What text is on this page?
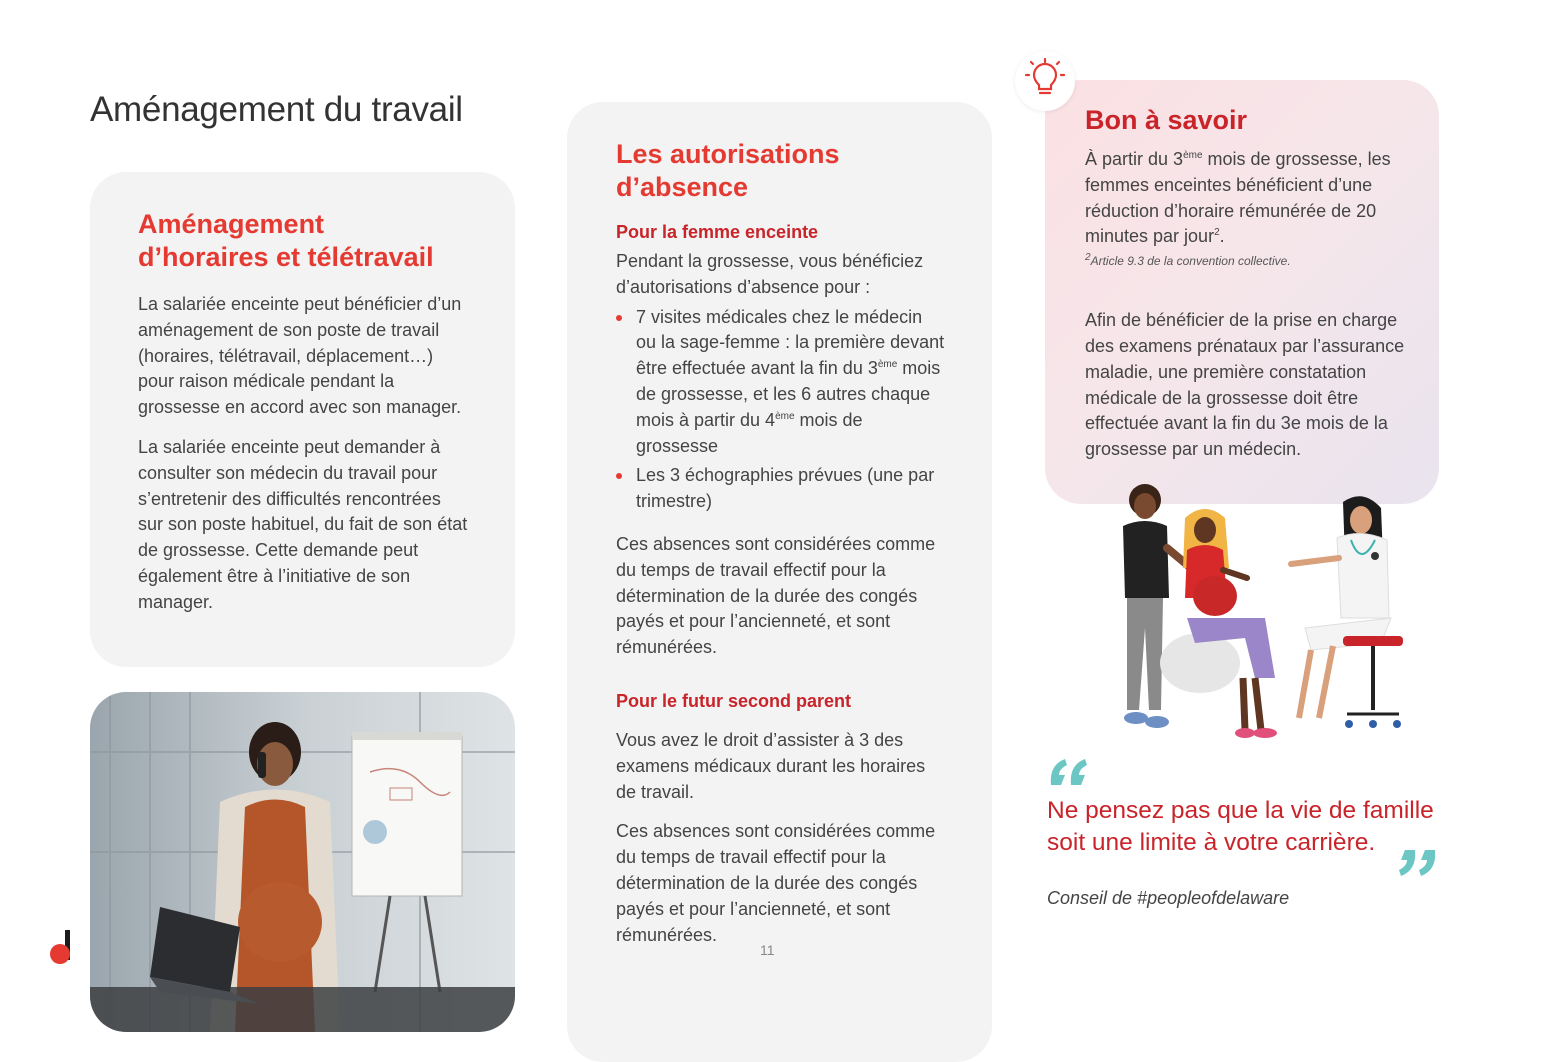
Aménagement du travail
Aménagement d’horaires et télétravail

La salariée enceinte peut bénéficier d’un aménagement de son poste de travail (horaires, télétravail, déplacement…) pour raison médicale pendant la grossesse en accord avec son manager.

La salariée enceinte peut demander à consulter son médecin du travail pour s’entretenir des difficultés rencontrées sur son poste habituel, du fait de son état de grossesse. Cette demande peut également être à l’initiative de son manager.

Les autorisations d’absence
Pour la femme enceinte

Pendant la grossesse, vous bénéficiez d’autorisations d’absence pour :

7 visites médicales chez le médecin ou la sage-femme : la première devant être effectuée avant la fin du 3ème mois de grossesse, et les 6 autres chaque mois à partir du 4ème mois de grossesse
Les 3 échographies prévues (une par trimestre)

Ces absences sont considérées comme du temps de travail effectif pour la détermination de la durée des congés payés et pour l’ancienneté, et sont rémunérées.

Pour le futur second parent

Vous avez le droit d’assister à 3 des examens médicaux durant les horaires de travail.

Ces absences sont considérées comme du temps de travail effectif pour la détermination de la durée des congés payés et pour l’ancienneté, et sont rémunérées.

Bon à savoir

À partir du 3ème mois de grossesse, les femmes enceintes bénéficient d’une réduction d’horaire rémunérée de 20 minutes par jour$^2$.

$^2$Article 9.3 de la convention collective.

Afin de bénéficier de la prise en charge des examens prénataux par l’assurance maladie, une première constatation médicale de la grossesse doit être effectuée avant la fin du 3e mois de la grossesse par un médecin.

Ne pensez pas que la vie de famille soit une limite à votre carrière.

Conseil de #peopleofdelaware

11
